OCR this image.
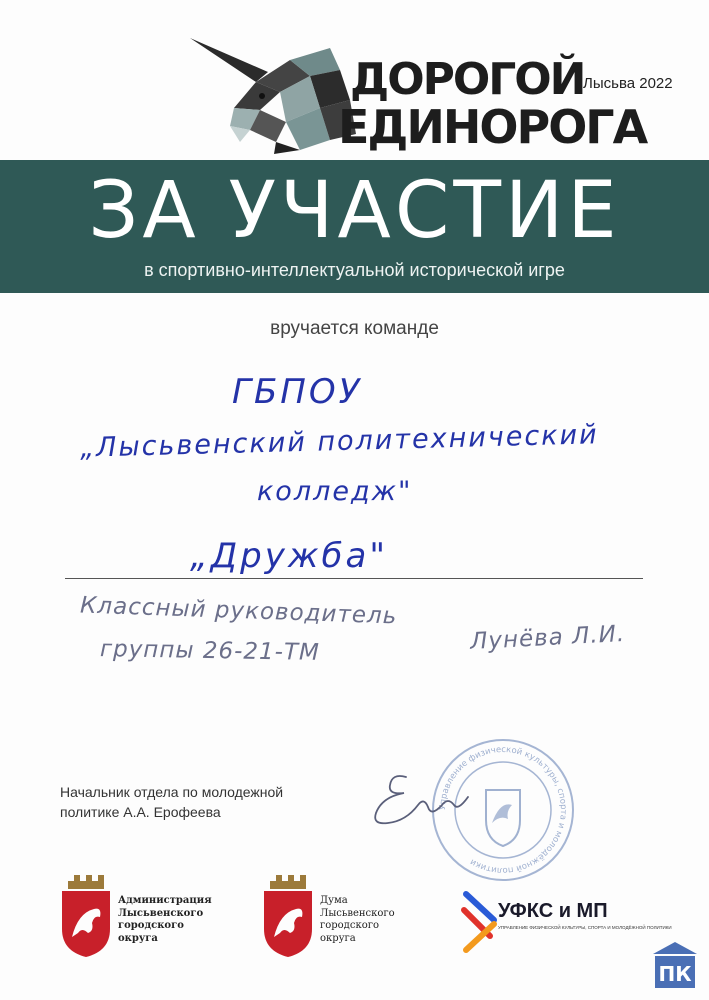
ДОРОГОЙ
Лысьва 2022
ЕДИНОРОГА
ЗА УЧАСТИЕ
в спортивно-интеллектуальной исторической игре
вручается команде
ГБПОУ
„Лысьвенский политехнический
колледж"
„Дружба"
Классный руководитель
группы 26-21-ТМ	Лунёва Л.И.
Управление физической культуры, спорта и молодёжной политики
Начальник отдела по молодежной
политике А.А. Ерофеева
Администрация
Лысьвенского
городского
округа
Дума
Лысьвенского
городского
округа
УФКС и МП
УПРАВЛЕНИЕ ФИЗИЧЕСКОЙ КУЛЬТУРЫ, СПОРТА И МОЛОДЁЖНОЙ ПОЛИТИКИ
ПК
